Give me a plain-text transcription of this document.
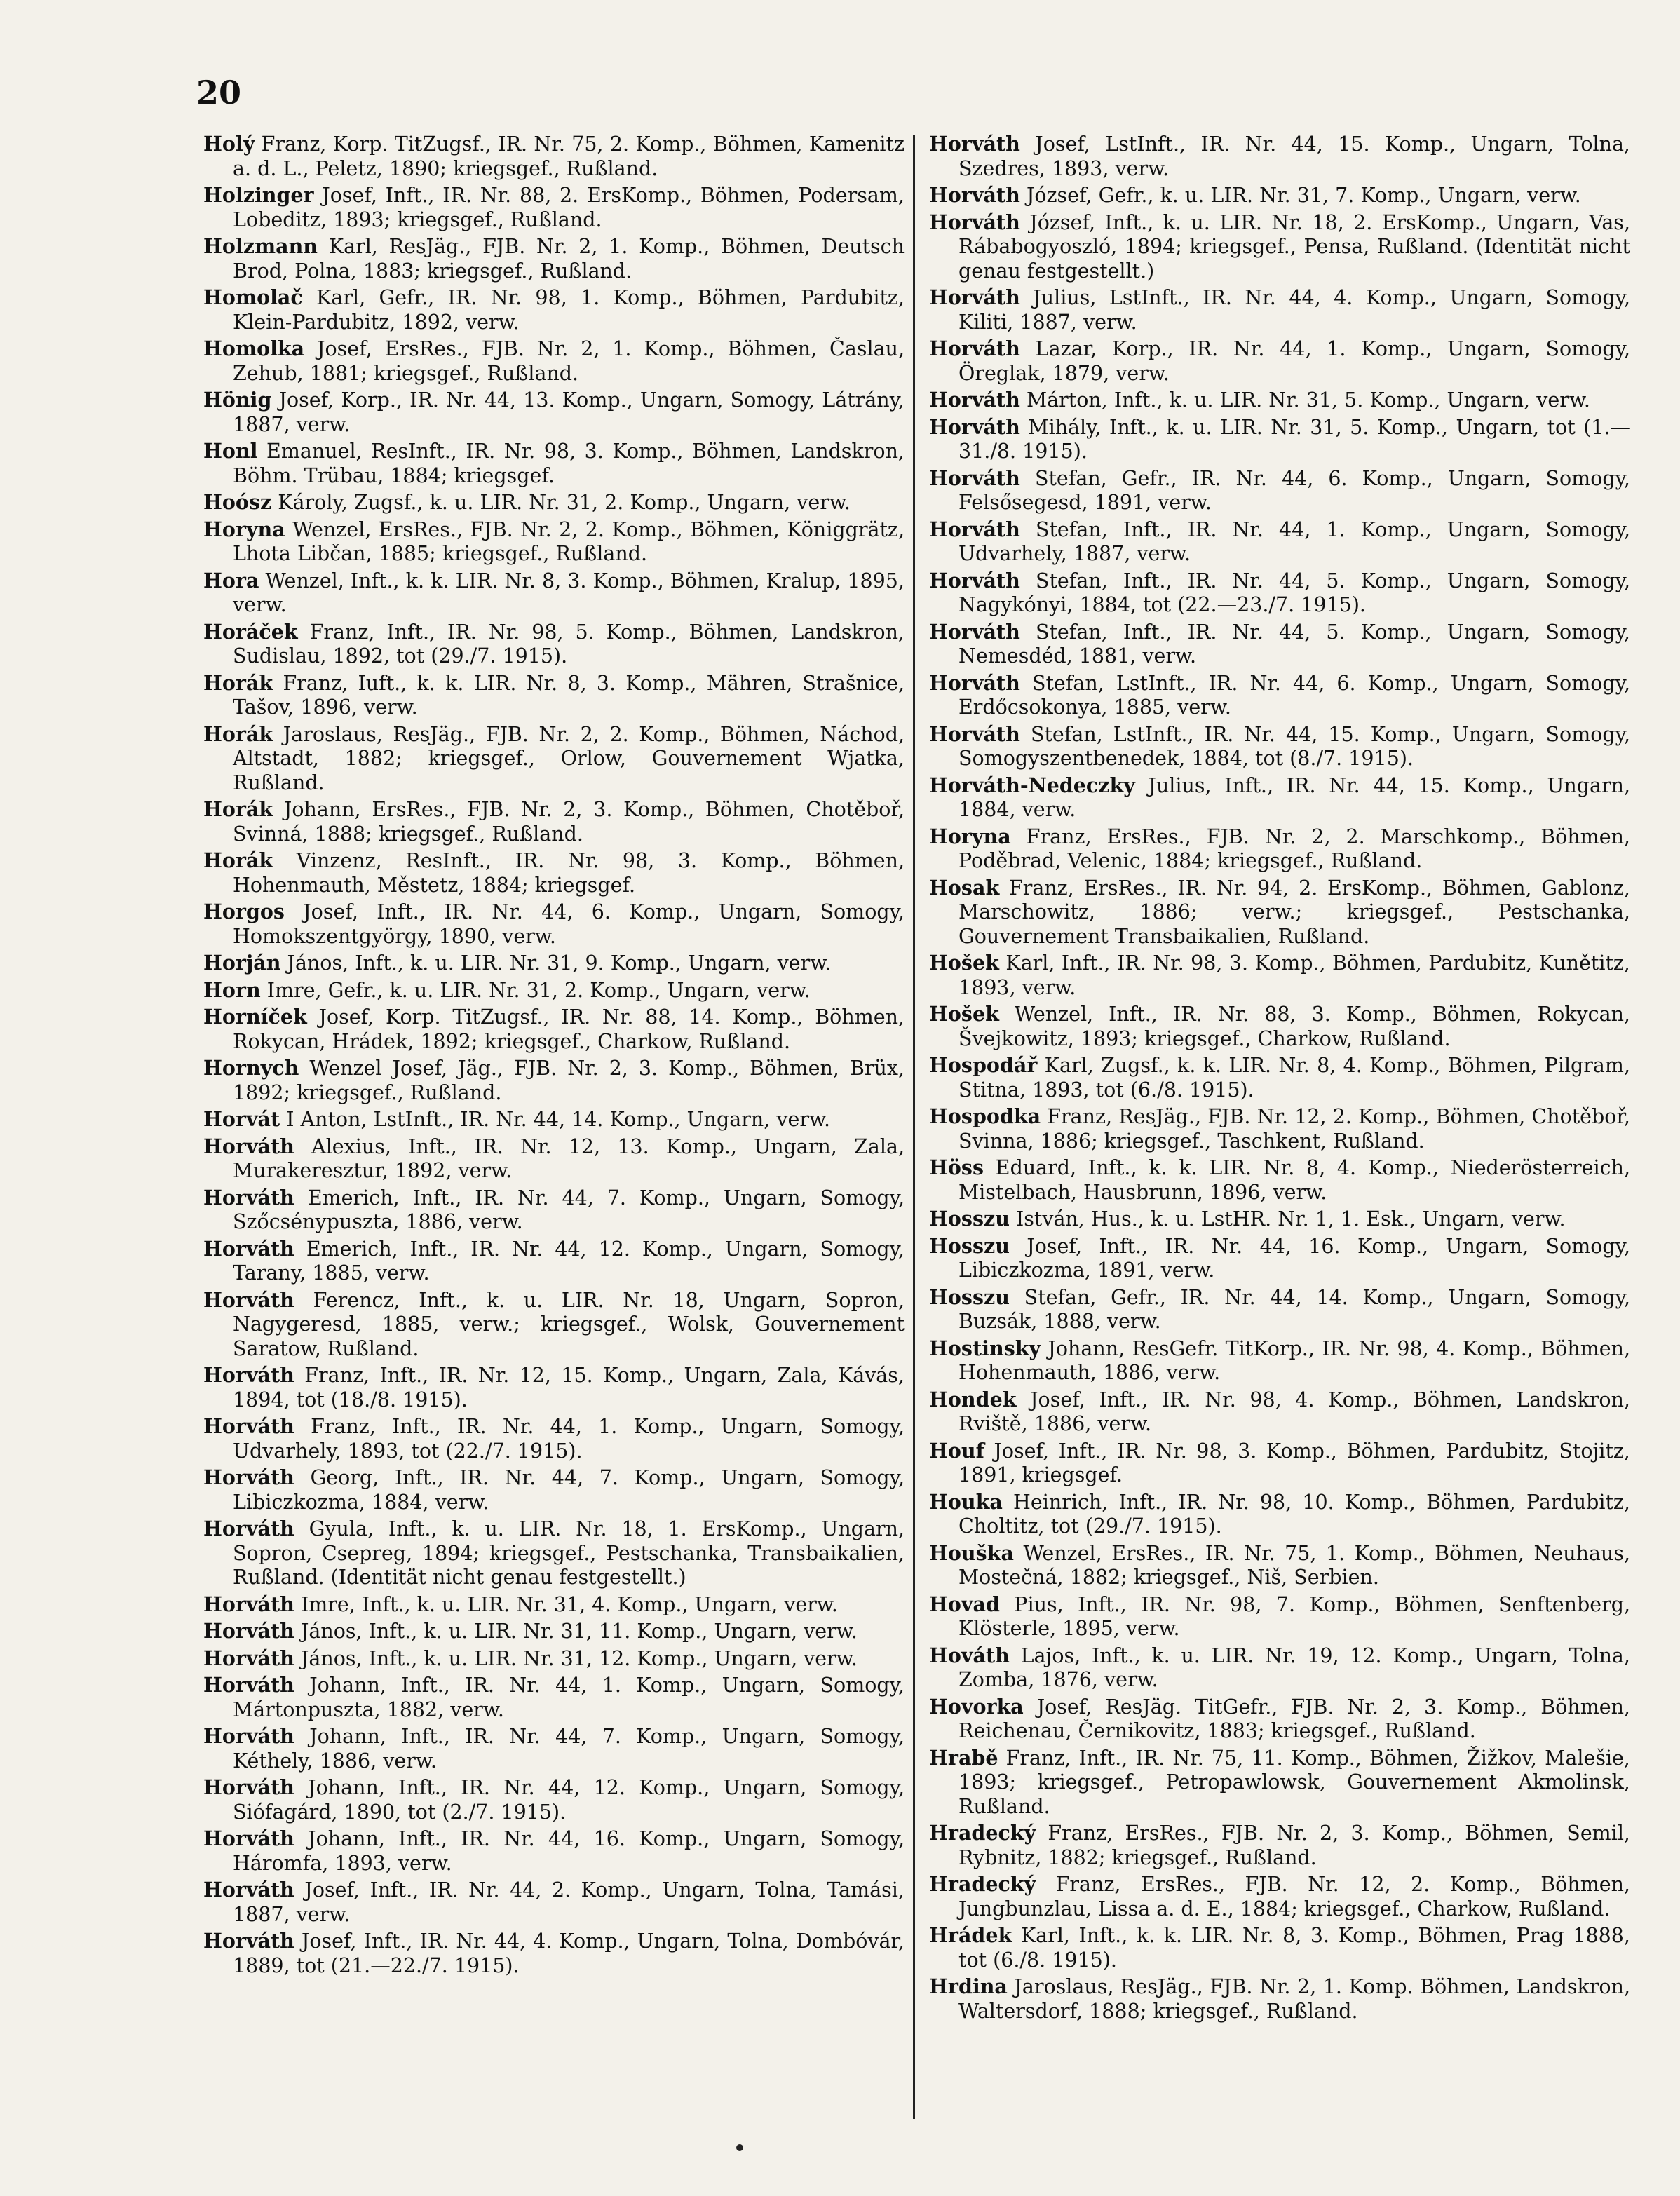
20

Holý Franz, Korp. TitZugsf., IR. Nr. 75, 2. Komp., Böhmen, Kamenitz a. d. L., Peletz, 1890; kriegsgef., Rußland.

Holzinger Josef, Inft., IR. Nr. 88, 2. ErsKomp., Böhmen, Podersam, Lobeditz, 1893; kriegsgef., Rußland.

Holzmann Karl, ResJäg., FJB. Nr. 2, 1. Komp., Böhmen, Deutsch Brod, Polna, 1883; kriegsgef., Rußland.

Homolač Karl, Gefr., IR. Nr. 98, 1. Komp., Böhmen, Pardubitz, Klein-Pardubitz, 1892, verw.

Homolka Josef, ErsRes., FJB. Nr. 2, 1. Komp., Böhmen, Časlau, Zehub, 1881; kriegsgef., Rußland.

Hönig Josef, Korp., IR. Nr. 44, 13. Komp., Ungarn, Somogy, Látrány, 1887, verw.

Honl Emanuel, ResInft., IR. Nr. 98, 3. Komp., Böhmen, Landskron, Böhm. Trübau, 1884; kriegsgef.

Hoósz Károly, Zugsf., k. u. LIR. Nr. 31, 2. Komp., Ungarn, verw.

Horyna Wenzel, ErsRes., FJB. Nr. 2, 2. Komp., Böhmen, Königgrätz, Lhota Libčan, 1885; kriegsgef., Rußland.

Hora Wenzel, Inft., k. k. LIR. Nr. 8, 3. Komp., Böhmen, Kralup, 1895, verw.

Horáček Franz, Inft., IR. Nr. 98, 5. Komp., Böhmen, Landskron, Sudislau, 1892, tot (29./7. 1915).

Horák Franz, Iuft., k. k. LIR. Nr. 8, 3. Komp., Mähren, Strašnice, Tašov, 1896, verw.

Horák Jaroslaus, ResJäg., FJB. Nr. 2, 2. Komp., Böhmen, Náchod, Altstadt, 1882; kriegsgef., Orlow, Gouvernement Wjatka, Rußland.

Horák Johann, ErsRes., FJB. Nr. 2, 3. Komp., Böhmen, Chotěboř, Svinná, 1888; kriegsgef., Rußland.

Horák Vinzenz, ResInft., IR. Nr. 98, 3. Komp., Böhmen, Hohenmauth, Městetz, 1884; kriegsgef.

Horgos Josef, Inft., IR. Nr. 44, 6. Komp., Ungarn, Somogy, Homokszentgyörgy, 1890, verw.

Horján János, Inft., k. u. LIR. Nr. 31, 9. Komp., Ungarn, verw.

Horn Imre, Gefr., k. u. LIR. Nr. 31, 2. Komp., Ungarn, verw.

Horníček Josef, Korp. TitZugsf., IR. Nr. 88, 14. Komp., Böhmen, Rokycan, Hrádek, 1892; kriegsgef., Charkow, Rußland.

Hornych Wenzel Josef, Jäg., FJB. Nr. 2, 3. Komp., Böhmen, Brüx, 1892; kriegsgef., Rußland.

Horvát I Anton, LstInft., IR. Nr. 44, 14. Komp., Ungarn, verw.

Horváth Alexius, Inft., IR. Nr. 12, 13. Komp., Ungarn, Zala, Murakeresztur, 1892, verw.

Horváth Emerich, Inft., IR. Nr. 44, 7. Komp., Ungarn, Somogy, Szőcsénypuszta, 1886, verw.

Horváth Emerich, Inft., IR. Nr. 44, 12. Komp., Ungarn, Somogy, Tarany, 1885, verw.

Horváth Ferencz, Inft., k. u. LIR. Nr. 18, Ungarn, Sopron, Nagygeresd, 1885, verw.; kriegsgef., Wolsk, Gouvernement Saratow, Rußland.

Horváth Franz, Inft., IR. Nr. 12, 15. Komp., Ungarn, Zala, Kávás, 1894, tot (18./8. 1915).

Horváth Franz, Inft., IR. Nr. 44, 1. Komp., Ungarn, Somogy, Udvarhely, 1893, tot (22./7. 1915).

Horváth Georg, Inft., IR. Nr. 44, 7. Komp., Ungarn, Somogy, Libiczkozma, 1884, verw.

Horváth Gyula, Inft., k. u. LIR. Nr. 18, 1. ErsKomp., Ungarn, Sopron, Csepreg, 1894; kriegsgef., Pestschanka, Transbaikalien, Rußland. (Identität nicht genau festgestellt.)

Horváth Imre, Inft., k. u. LIR. Nr. 31, 4. Komp., Ungarn, verw.

Horváth János, Inft., k. u. LIR. Nr. 31, 11. Komp., Ungarn, verw.

Horváth János, Inft., k. u. LIR. Nr. 31, 12. Komp., Ungarn, verw.

Horváth Johann, Inft., IR. Nr. 44, 1. Komp., Ungarn, Somogy, Mártonpuszta, 1882, verw.

Horváth Johann, Inft., IR. Nr. 44, 7. Komp., Ungarn, Somogy, Kéthely, 1886, verw.

Horváth Johann, Inft., IR. Nr. 44, 12. Komp., Ungarn, Somogy, Siófagárd, 1890, tot (2./7. 1915).

Horváth Johann, Inft., IR. Nr. 44, 16. Komp., Ungarn, Somogy, Háromfa, 1893, verw.

Horváth Josef, Inft., IR. Nr. 44, 2. Komp., Ungarn, Tolna, Tamási, 1887, verw.

Horváth Josef, Inft., IR. Nr. 44, 4. Komp., Ungarn, Tolna, Dombóvár, 1889, tot (21.—22./7. 1915).

Horváth Josef, LstInft., IR. Nr. 44, 15. Komp., Ungarn, Tolna, Szedres, 1893, verw.

Horváth József, Gefr., k. u. LIR. Nr. 31, 7. Komp., Ungarn, verw.

Horváth József, Inft., k. u. LIR. Nr. 18, 2. ErsKomp., Ungarn, Vas, Rábabogyoszló, 1894; kriegsgef., Pensa, Rußland. (Identität nicht genau festgestellt.)

Horváth Julius, LstInft., IR. Nr. 44, 4. Komp., Ungarn, Somogy, Kiliti, 1887, verw.

Horváth Lazar, Korp., IR. Nr. 44, 1. Komp., Ungarn, Somogy, Öreglak, 1879, verw.

Horváth Márton, Inft., k. u. LIR. Nr. 31, 5. Komp., Ungarn, verw.

Horváth Mihály, Inft., k. u. LIR. Nr. 31, 5. Komp., Ungarn, tot (1.—31./8. 1915).

Horváth Stefan, Gefr., IR. Nr. 44, 6. Komp., Ungarn, Somogy, Felsősegesd, 1891, verw.

Horváth Stefan, Inft., IR. Nr. 44, 1. Komp., Ungarn, Somogy, Udvarhely, 1887, verw.

Horváth Stefan, Inft., IR. Nr. 44, 5. Komp., Ungarn, Somogy, Nagykónyi, 1884, tot (22.—23./7. 1915).

Horváth Stefan, Inft., IR. Nr. 44, 5. Komp., Ungarn, Somogy, Nemesdéd, 1881, verw.

Horváth Stefan, LstInft., IR. Nr. 44, 6. Komp., Ungarn, Somogy, Erdőcsokonya, 1885, verw.

Horváth Stefan, LstInft., IR. Nr. 44, 15. Komp., Ungarn, Somogy, Somogyszentbenedek, 1884, tot (8./7. 1915).

Horváth-Nedeczky Julius, Inft., IR. Nr. 44, 15. Komp., Ungarn, 1884, verw.

Horyna Franz, ErsRes., FJB. Nr. 2, 2. Marschkomp., Böhmen, Poděbrad, Velenic, 1884; kriegsgef., Rußland.

Hosak Franz, ErsRes., IR. Nr. 94, 2. ErsKomp., Böhmen, Gablonz, Marschowitz, 1886; verw.; kriegsgef., Pestschanka, Gouvernement Transbaikalien, Rußland.

Hošek Karl, Inft., IR. Nr. 98, 3. Komp., Böhmen, Pardubitz, Kunětitz, 1893, verw.

Hošek Wenzel, Inft., IR. Nr. 88, 3. Komp., Böhmen, Rokycan, Švejkowitz, 1893; kriegsgef., Charkow, Rußland.

Hospodář Karl, Zugsf., k. k. LIR. Nr. 8, 4. Komp., Böhmen, Pilgram, Stitna, 1893, tot (6./8. 1915).

Hospodka Franz, ResJäg., FJB. Nr. 12, 2. Komp., Böhmen, Chotěboř, Svinna, 1886; kriegsgef., Taschkent, Rußland.

Höss Eduard, Inft., k. k. LIR. Nr. 8, 4. Komp., Niederösterreich, Mistelbach, Hausbrunn, 1896, verw.

Hosszu István, Hus., k. u. LstHR. Nr. 1, 1. Esk., Ungarn, verw.

Hosszu Josef, Inft., IR. Nr. 44, 16. Komp., Ungarn, Somogy, Libiczkozma, 1891, verw.

Hosszu Stefan, Gefr., IR. Nr. 44, 14. Komp., Ungarn, Somogy, Buzsák, 1888, verw.

Hostinsky Johann, ResGefr. TitKorp., IR. Nr. 98, 4. Komp., Böhmen, Hohenmauth, 1886, verw.

Hondek Josef, Inft., IR. Nr. 98, 4. Komp., Böhmen, Landskron, Rviště, 1886, verw.

Houf Josef, Inft., IR. Nr. 98, 3. Komp., Böhmen, Pardubitz, Stojitz, 1891, kriegsgef.

Houka Heinrich, Inft., IR. Nr. 98, 10. Komp., Böhmen, Pardubitz, Choltitz, tot (29./7. 1915).

Houška Wenzel, ErsRes., IR. Nr. 75, 1. Komp., Böhmen, Neuhaus, Mostečná, 1882; kriegsgef., Niš, Serbien.

Hovad Pius, Inft., IR. Nr. 98, 7. Komp., Böhmen, Senftenberg, Klösterle, 1895, verw.

Hováth Lajos, Inft., k. u. LIR. Nr. 19, 12. Komp., Ungarn, Tolna, Zomba, 1876, verw.

Hovorka Josef, ResJäg. TitGefr., FJB. Nr. 2, 3. Komp., Böhmen, Reichenau, Černikovitz, 1883; kriegsgef., Rußland.

Hrabě Franz, Inft., IR. Nr. 75, 11. Komp., Böhmen, Žižkov, Malešie, 1893; kriegsgef., Petropawlowsk, Gouvernement Akmolinsk, Rußland.

Hradecký Franz, ErsRes., FJB. Nr. 2, 3. Komp., Böhmen, Semil, Rybnitz, 1882; kriegsgef., Rußland.

Hradecký Franz, ErsRes., FJB. Nr. 12, 2. Komp., Böhmen, Jungbunzlau, Lissa a. d. E., 1884; kriegsgef., Charkow, Rußland.

Hrádek Karl, Inft., k. k. LIR. Nr. 8, 3. Komp., Böhmen, Prag 1888, tot (6./8. 1915).

Hrdina Jaroslaus, ResJäg., FJB. Nr. 2, 1. Komp. Böhmen, Landskron, Waltersdorf, 1888; kriegsgef., Rußland.
